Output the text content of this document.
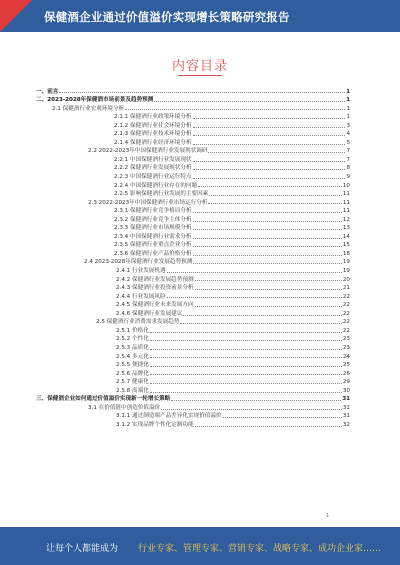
保健酒企业通过价值溢价实现增长策略研究报告
内容目录
一、前言	1
二、2023-2028年保健酒市场前景及趋势预测	1
2.1 保健酒行业宏观环境分析	1
2.1.1 保健酒行业政策环境分析	1
2.1.2 保健酒行业社会环境分析	3
2.1.3 保健酒行业技术环境分析	4
2.1.4 保健酒行业经济环境分析	5
2.2 2022-2023年中国保健酒行业发展现状调研	7
2.2.1 中国保健酒行业发展现状	7
2.2.2 保健酒行业发展现状分析	8
2.2.3 中国保健酒行业运行特点	9
2.2.4 中国保健酒行业存在的问题	10
2.2.5 影响保健酒行业发展的主要因素	11
2.3 2022-2023年中国保健酒行业市场运行分析	11
2.3.1 保健酒行业竞争格局分析	11
2.3.2 保健酒行业竞争主体分析	12
2.3.3 保健酒行业市场规模分析	13
2.3.4 中国保健酒行业需求分析	14
2.3.5 保健酒行业重点企业分析	15
2.3.6 保健酒行业产品价格分析	18
2.4 2023-2028年保健酒行业发展趋势预测	19
2.4.1 行业发展机遇	19
2.4.2 保健酒行业发展趋势预测	20
2.4.3 保健酒行业投资前景分析	21
2.4.4 行业发展风险	22
2.4.5 保健酒行业未来发展方向	22
2.4.6 保健酒行业发展建议	22
2.5 保健酒行业消费需求发展趋势	22
2.5.1 价格化	22
2.5.2 个性化	23
2.5.3 品质化	23
2.5.4 多元化	24
2.5.5 便捷化	25
2.5.6 品牌化	26
2.5.7 健康化	29
2.5.8 高端化	30
三、保健酒企业如何通过价值溢价实现新一轮增长策略	31
3.1 在价值链中创造价值溢价	31
3.1.1 通过制造端产品差异化实现价值溢价	31
3.1.2 实现品牌个性化定制功能	32
1
让每个人都能成为 行业专家、管理专家、营销专家、战略专家、成功企业家……
